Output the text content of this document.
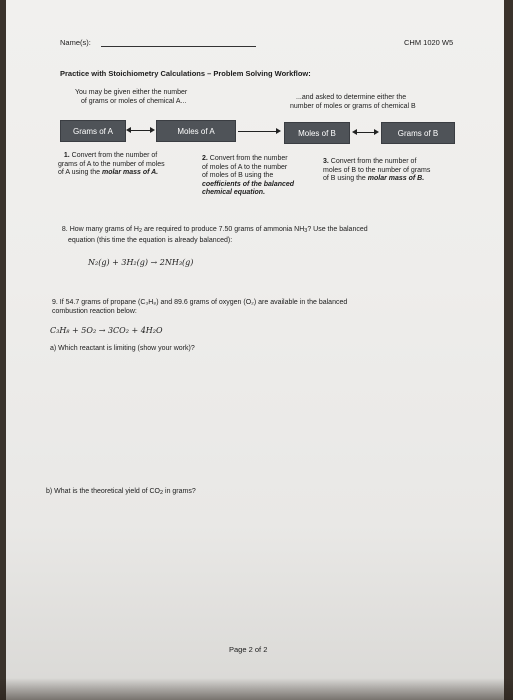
Name(s):	CHM 1020 W5
Practice with Stoichiometry Calculations – Problem Solving Workflow:
You may be given either the number
of grams or moles of chemical A...
...and asked to determine either the
number of moles or grams of chemical B
Grams of A	Moles of A	Moles of B	Grams of B
1. Convert from the number of
grams of A to the number of moles
of A using the molar mass of A.
2. Convert from the number
of moles of A to the number
of moles of B using the
coefficients of the balanced
chemical equation.
3. Convert from the number of
moles of B to the number of grams
of B using the molar mass of B.
8. How many grams of $H_2$ are required to produce 7.50 grams of ammonia $NH_3$? Use the balanced
equation (this time the equation is already balanced):
N₂(g) + 3H₂(g) → 2NH₃(g)
9. If 54.7 grams of propane (C₃H₈) and 89.6 grams of oxygen (O₂) are available in the balanced
combustion reaction below:
C₃H₈ + 5O₂ → 3CO₂ + 4H₂O
a) Which reactant is limiting (show your work)?
b) What is the theoretical yield of $CO_2$ in grams?
Page 2 of 2
